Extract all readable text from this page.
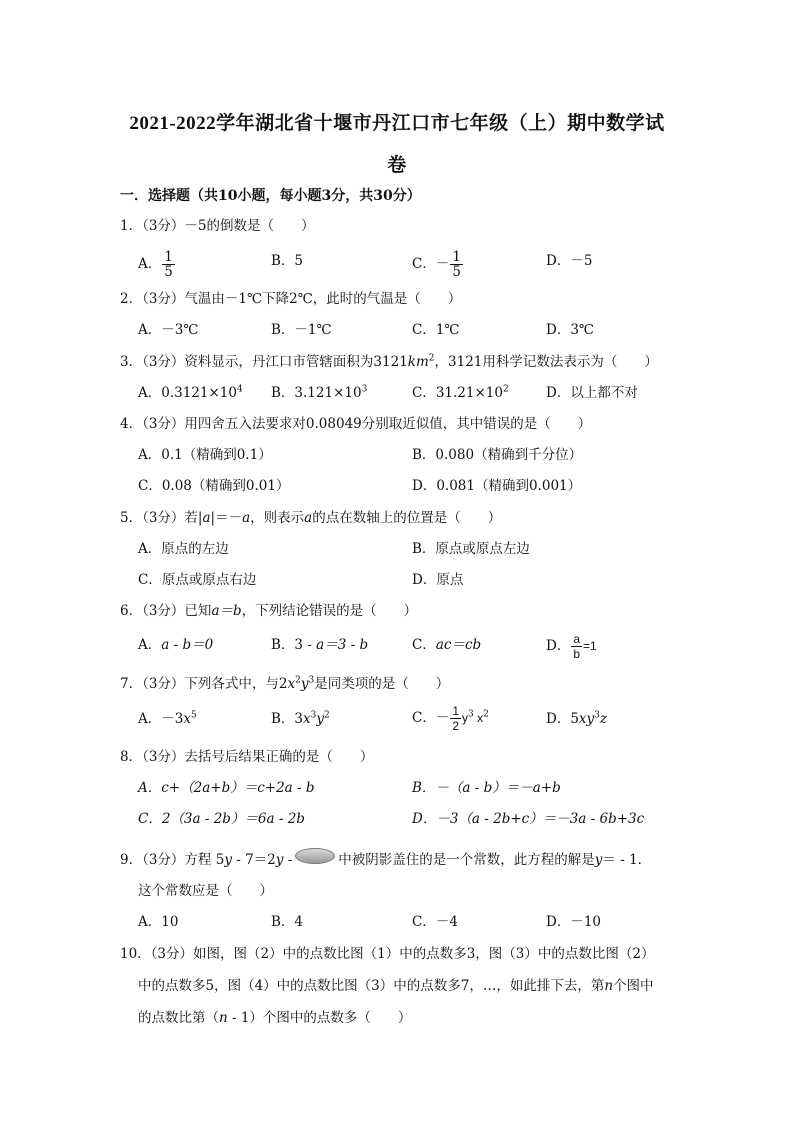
2021-2022学年湖北省十堰市丹江口市七年级（上）期中数学试
卷
一．选择题（共10小题，每小题3分，共30分）
1．（3分）－5的倒数是（　　）
A． $\frac{1}{5}$	B．5	C．－ $\frac{1}{5}$	D．－5
2．（3分）气温由－1℃下降2℃，此时的气温是（　　）
A．－3℃	B．－1℃	C．1℃	D．3℃
3．（3分）资料显示，丹江口市管辖面积为$3121km^2$，3121用科学记数法表示为（　　）
A．$0.3121\times 10^4$ B．$3.121\times 10^3$	C．$31.21\times 10^2$	D．以上都不对
4．（3分）用四舍五入法要求对0.08049分别取近似值，其中错误的是（　　）
A．0.1（精确到0.1）	B．0.080（精确到千分位）
C．0.08（精确到0.01）	D．0.081（精确到0.001）
5．（3分）若|a|＝－a，则表示a的点在数轴上的位置是（　　）
A．原点的左边	B．原点或原点左边
C．原点或原点右边	D．原点
6．（3分）已知a＝b，下列结论错误的是（　　）
A．a - b＝0	B．3 - a＝3 - b	C．ac＝cb	D． $\frac{a}{b} =1$
7．（3分）下列各式中，与$2x^2y^3$是同类项的是（　　）
A．$-3x^5$	B．$3x^3y^2$	C．－ $\frac{1}{2} y^3$ $x^2$	D．$5xy^3z$
8．（3分）去括号后结果正确的是（　　）
A．c+（2a+b）＝c+2a - b	B．－（a - b）＝－a+b
C．2（3a - 2b）＝6a - 2b	D．－3（a - 2b+c）＝－3a - 6b+3c
9．（3分）方程 5y - 7＝2y -	中被阴影盖住的是一个常数，此方程的解是y＝ - 1．
这个常数应是（　　）
A．10	B．4	C．－4	D．－10
10．（3分）如图，图（2）中的点数比图（1）中的点数多3，图（3）中的点数比图（2）
中的点数多5，图（4）中的点数比图（3）中的点数多7，…，如此排下去，第n个图中
的点数比第（n - 1）个图中的点数多（　　）
